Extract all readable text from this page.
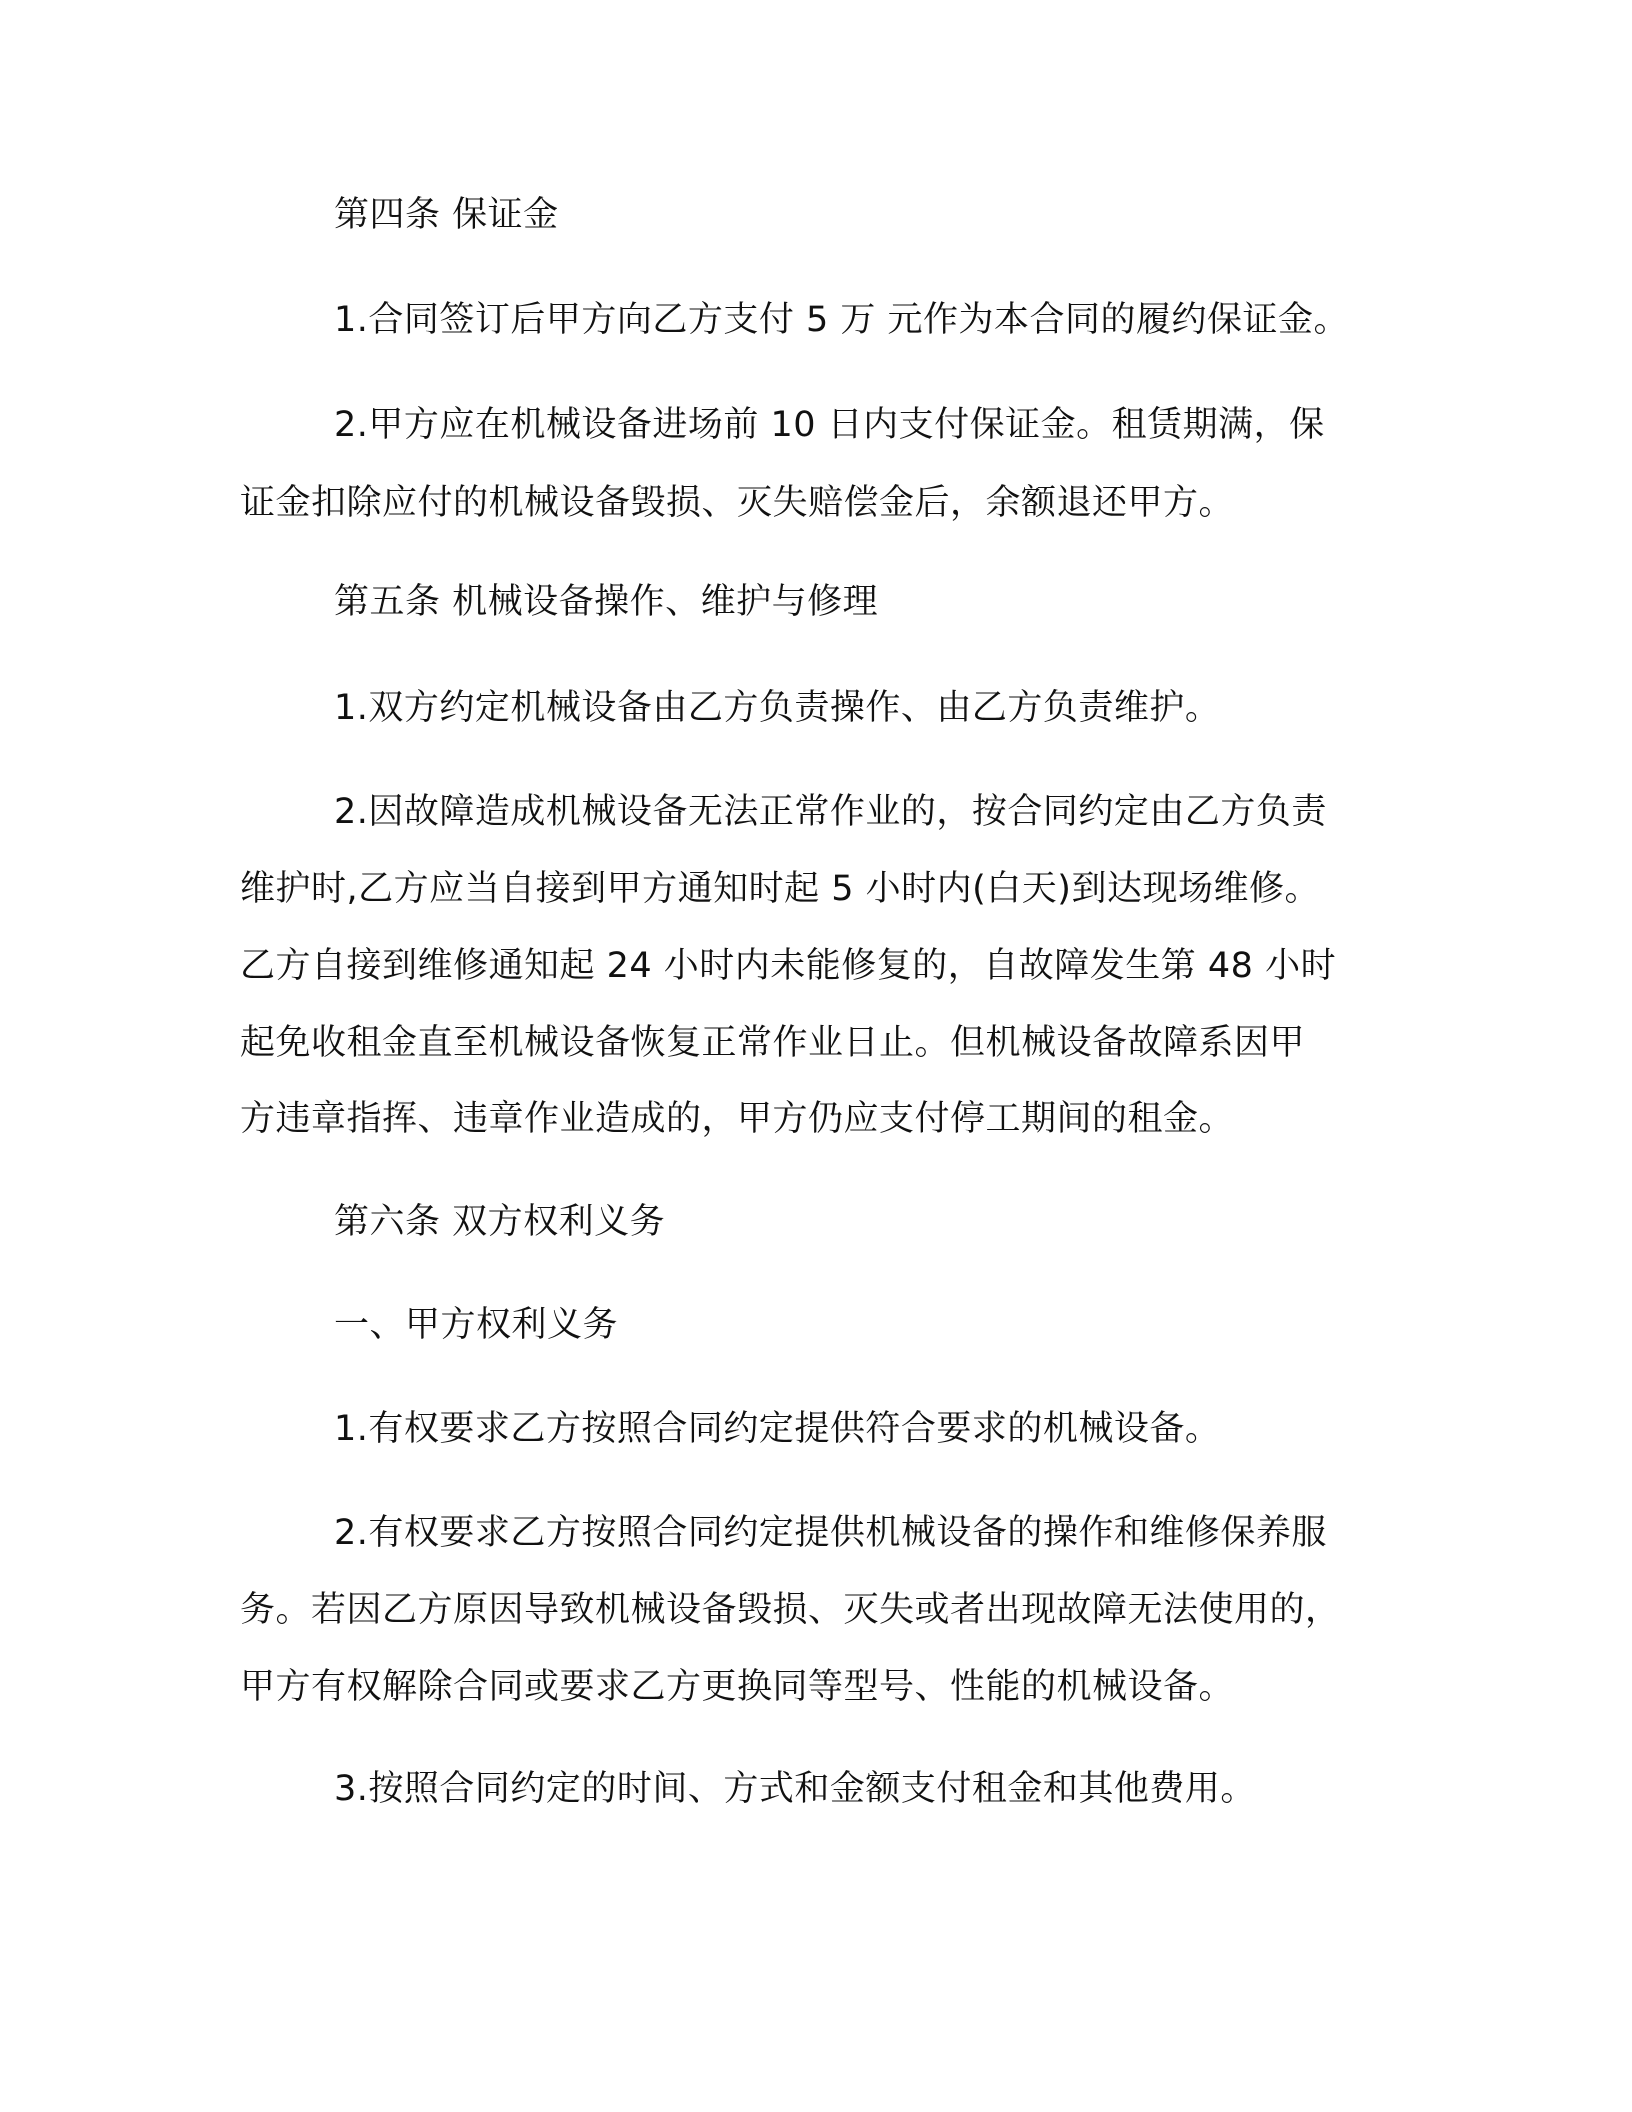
第四条 保证金
1.合同签订后甲方向乙方支付 5 万 元作为本合同的履约保证金。
2.甲方应在机械设备进场前 10 日内支付保证金。租赁期满，保
证金扣除应付的机械设备毁损、灭失赔偿金后，余额退还甲方。
第五条 机械设备操作、维护与修理
1.双方约定机械设备由乙方负责操作、由乙方负责维护。
2.因故障造成机械设备无法正常作业的，按合同约定由乙方负责
维护时,乙方应当自接到甲方通知时起 5 小时内(白天)到达现场维修。
乙方自接到维修通知起 24 小时内未能修复的，自故障发生第 48 小时
起免收租金直至机械设备恢复正常作业日止。但机械设备故障系因甲
方违章指挥、违章作业造成的，甲方仍应支付停工期间的租金。
第六条 双方权利义务
一、甲方权利义务
1.有权要求乙方按照合同约定提供符合要求的机械设备。
2.有权要求乙方按照合同约定提供机械设备的操作和维修保养服
务。若因乙方原因导致机械设备毁损、灭失或者出现故障无法使用的，
甲方有权解除合同或要求乙方更换同等型号、性能的机械设备。
3.按照合同约定的时间、方式和金额支付租金和其他费用。
